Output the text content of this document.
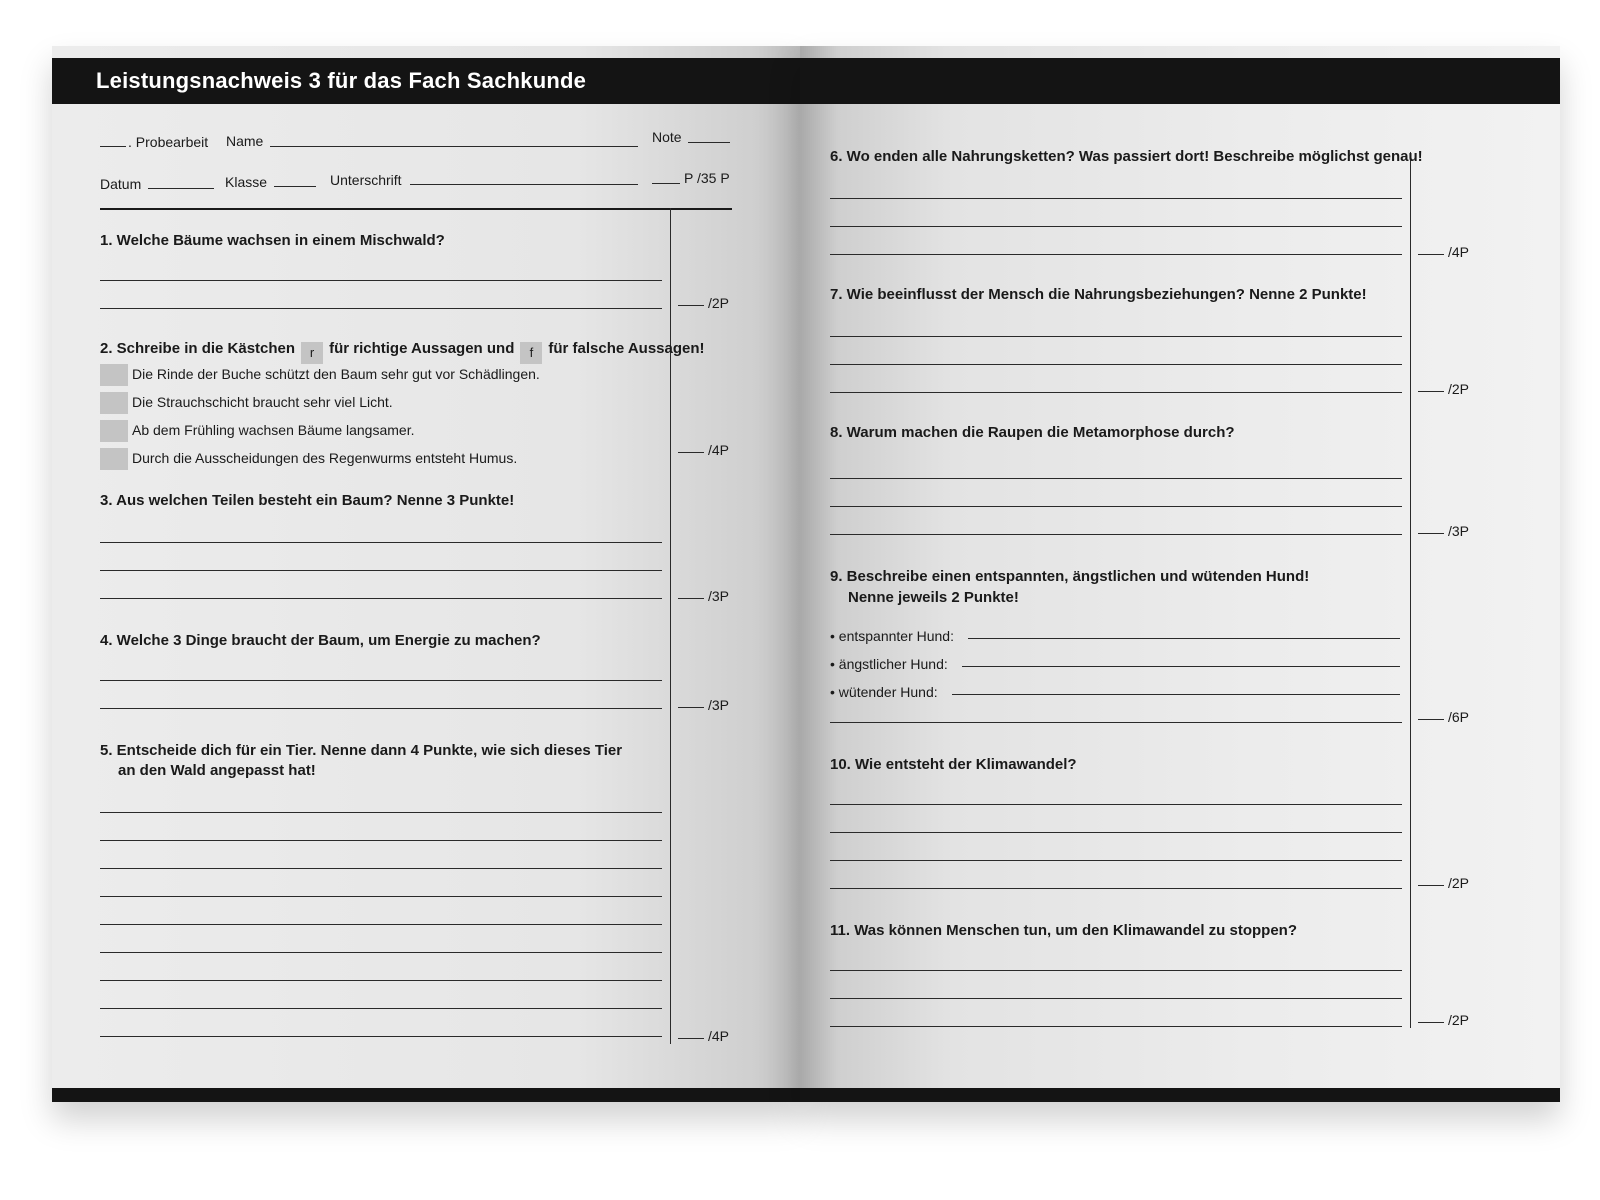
Leistungsnachweis 3 für das Fach Sachkunde
. Probearbeit Name	Note
Datum	Klasse	Unterschrift	P /35 P
1. Welche Bäume wachsen in einem Mischwald?
/2P
2. Schreibe in die Kästchen r für richtige Aussagen und f für falsche Aussagen!
Die Rinde der Buche schützt den Baum sehr gut vor Schädlingen.
Die Strauchschicht braucht sehr viel Licht.
Ab dem Frühling wachsen Bäume langsamer.
Durch die Ausscheidungen des Regenwurms entsteht Humus.	/4P
3. Aus welchen Teilen besteht ein Baum? Nenne 3 Punkte!
/3P
4. Welche 3 Dinge braucht der Baum, um Energie zu machen?
/3P
5. Entscheide dich für ein Tier. Nenne dann 4 Punkte, wie sich dieses Tier
an den Wald angepasst hat!
/4P
6. Wo enden alle Nahrungsketten? Was passiert dort! Beschreibe möglichst genau!
/4P
7. Wie beeinflusst der Mensch die Nahrungsbeziehungen? Nenne 2 Punkte!
/2P
8. Warum machen die Raupen die Metamorphose durch?
/3P
9. Beschreibe einen entspannten, ängstlichen und wütenden Hund!
Nenne jeweils 2 Punkte!
• entspannter Hund:
• ängstlicher Hund:
• wütender Hund:
/6P
10. Wie entsteht der Klimawandel?
/2P
11. Was können Menschen tun, um den Klimawandel zu stoppen?
/2P
